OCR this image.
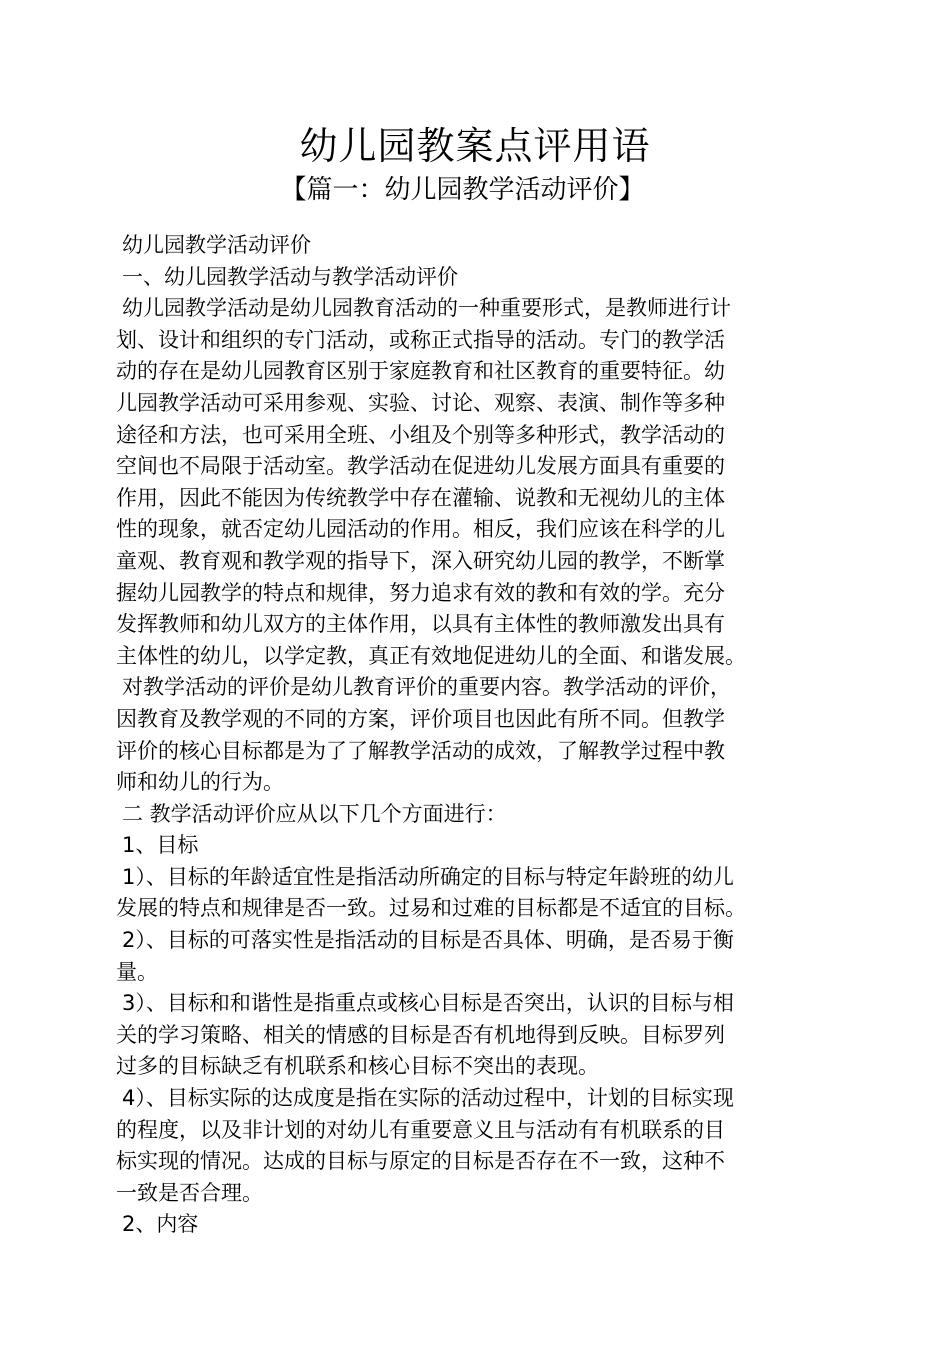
幼儿园教案点评用语
【篇一：幼儿园教学活动评价】
幼儿园教学活动评价
一、幼儿园教学活动与教学活动评价
幼儿园教学活动是幼儿园教育活动的一种重要形式，是教师进行计
划、设计和组织的专门活动，或称正式指导的活动。专门的教学活
动的存在是幼儿园教育区别于家庭教育和社区教育的重要特征。幼
儿园教学活动可采用参观、实验、讨论、观察、表演、制作等多种
途径和方法，也可采用全班、小组及个别等多种形式，教学活动的
空间也不局限于活动室。教学活动在促进幼儿发展方面具有重要的
作用，因此不能因为传统教学中存在灌输、说教和无视幼儿的主体
性的现象，就否定幼儿园活动的作用。相反，我们应该在科学的儿
童观、教育观和教学观的指导下，深入研究幼儿园的教学，不断掌
握幼儿园教学的特点和规律，努力追求有效的教和有效的学。充分
发挥教师和幼儿双方的主体作用，以具有主体性的教师激发出具有
主体性的幼儿，以学定教，真正有效地促进幼儿的全面、和谐发展。
对教学活动的评价是幼儿教育评价的重要内容。教学活动的评价，
因教育及教学观的不同的方案，评价项目也因此有所不同。但教学
评价的核心目标都是为了了解教学活动的成效，了解教学过程中教
师和幼儿的行为。
二 教学活动评价应从以下几个方面进行：
1、目标
1）、目标的年龄适宜性是指活动所确定的目标与特定年龄班的幼儿
发展的特点和规律是否一致。过易和过难的目标都是不适宜的目标。
2）、目标的可落实性是指活动的目标是否具体、明确，是否易于衡
量。
3）、目标和和谐性是指重点或核心目标是否突出，认识的目标与相
关的学习策略、相关的情感的目标是否有机地得到反映。目标罗列
过多的目标缺乏有机联系和核心目标不突出的表现。
4）、目标实际的达成度是指在实际的活动过程中，计划的目标实现
的程度，以及非计划的对幼儿有重要意义且与活动有有机联系的目
标实现的情况。达成的目标与原定的目标是否存在不一致，这种不
一致是否合理。
2、内容
